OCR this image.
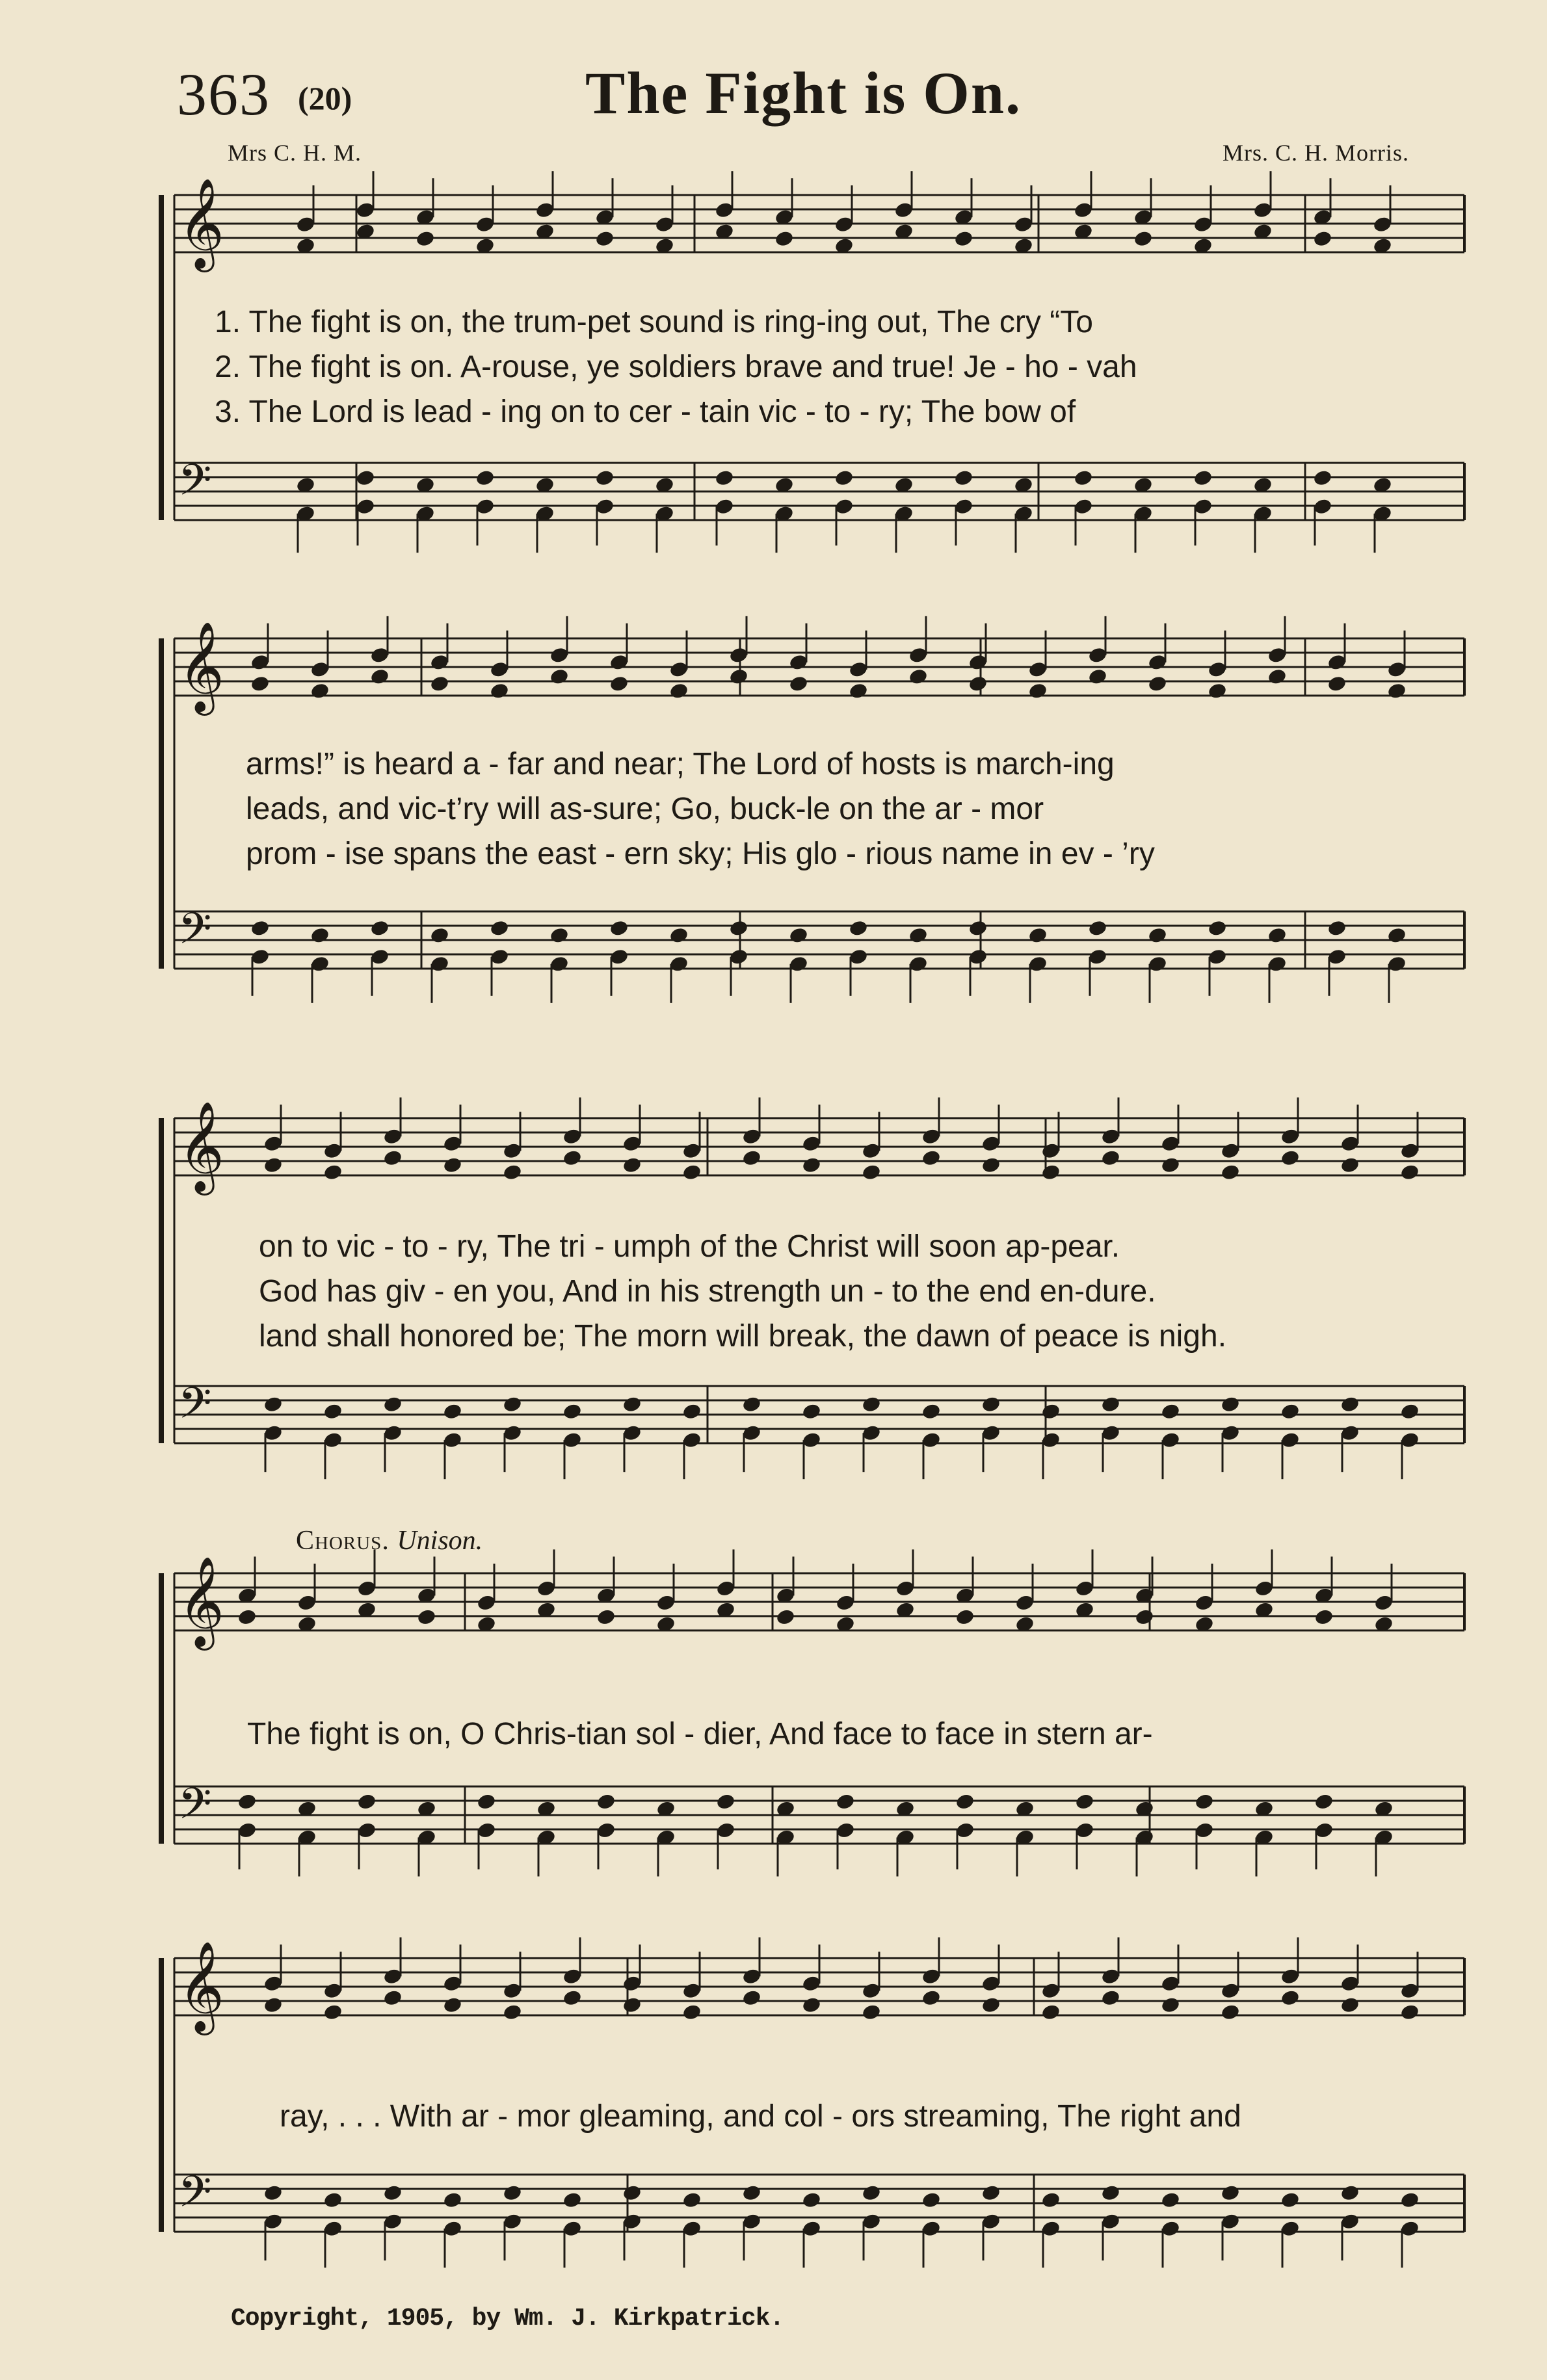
363 (20)	The Fight is On.
Mrs C. H. M.	Mrs. C. H. Morris.
𝄞
𝄢
𝄞
𝄢
𝄞
𝄢
𝄞
𝄢
𝄞
𝄢
1. The fight is on, the trum-pet sound is ring-ing out, The cry “To
2. The fight is on. A-rouse, ye soldiers brave and true! Je - ho - vah
3. The Lord is lead - ing on to cer - tain vic - to - ry; The bow of
arms!” is heard a - far and near; The Lord of hosts is march-ing
leads, and vic-t’ry will as-sure; Go, buck-le on the ar - mor
prom - ise spans the east - ern sky; His glo - rious name in ev - ’ry
on to vic - to - ry, The tri - umph of the Christ will soon ap-pear.
God has giv - en you, And in his strength un - to the end en-dure.
land shall honored be; The morn will break, the dawn of peace is nigh.
Chorus. Unison.
The fight is on, O Chris-tian sol - dier, And face to face in stern ar-
ray, . . . With ar - mor gleaming, and col - ors streaming, The right and
Copyright, 1905, by Wm. J. Kirkpatrick.
